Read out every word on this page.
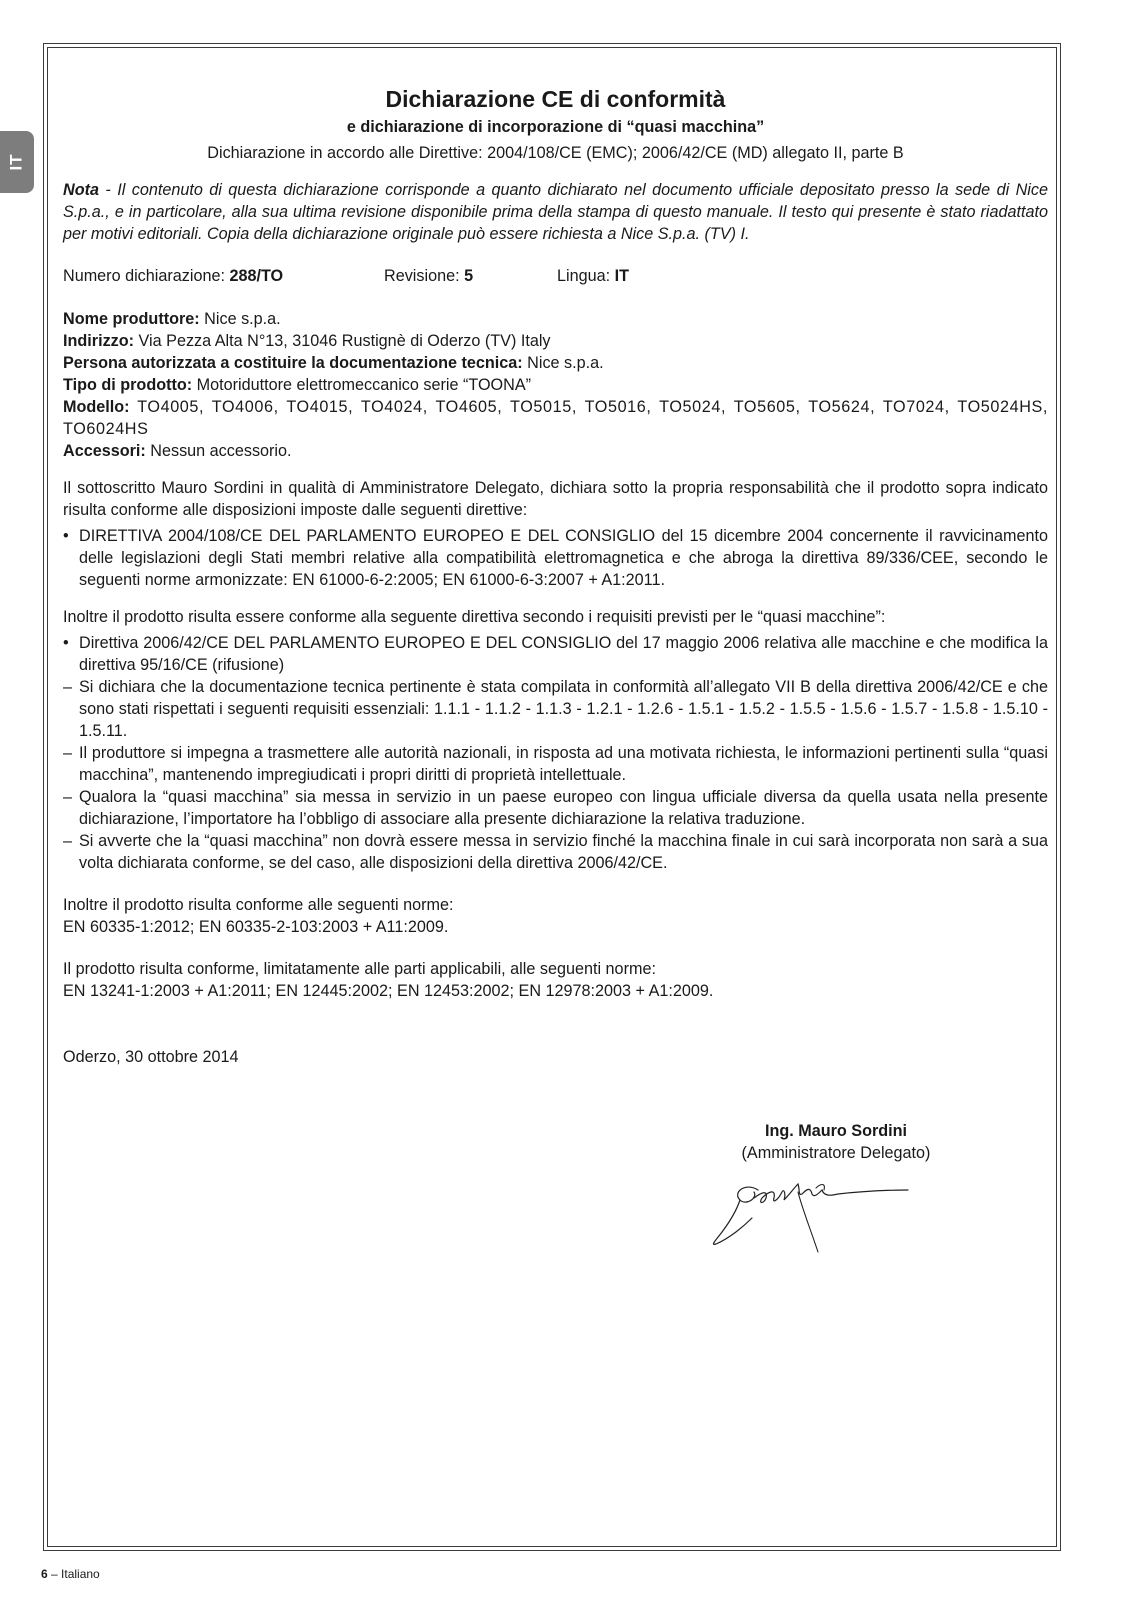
IT
Dichiarazione CE di conformità
e dichiarazione di incorporazione di “quasi macchina”
Dichiarazione in accordo alle Direttive: 2004/108/CE (EMC); 2006/42/CE (MD) allegato II, parte B
Nota - Il contenuto di questa dichiarazione corrisponde a quanto dichiarato nel documento ufficiale depositato presso la sede di Nice S.p.a., e in particolare, alla sua ultima revisione disponibile prima della stampa di questo manuale. Il testo qui presente è stato riadattato per motivi editoriali. Copia della dichiarazione originale può essere richiesta a Nice S.p.a. (TV) I.
Numero dichiarazione: 288/TO	Revisione: 5	Lingua: IT

Nome produttore: Nice s.p.a.

Indirizzo: Via Pezza Alta N°13, 31046 Rustignè di Oderzo (TV) Italy

Persona autorizzata a costituire la documentazione tecnica: Nice s.p.a.

Tipo di prodotto: Motoriduttore elettromeccanico serie “TOONA”

Modello: TO4005, TO4006, TO4015, TO4024, TO4605, TO5015, TO5016, TO5024, TO5605, TO5624, TO7024, TO5024HS, TO6024HS

Accessori: Nessun accessorio.

Il sottoscritto Mauro Sordini in qualità di Amministratore Delegato, dichiara sotto la propria responsabilità che il prodotto sopra indicato risulta conforme alle disposizioni imposte dalle seguenti direttive:

• DIRETTIVA 2004/108/CE DEL PARLAMENTO EUROPEO E DEL CONSIGLIO del 15 dicembre 2004 concernente il ravvicinamento delle legislazioni degli Stati membri relative alla compatibilità elettromagnetica e che abroga la direttiva 89/336/CEE, secondo le seguenti norme armonizzate: EN 61000-6-2:2005; EN 61000-6-3:2007 + A1:2011.

Inoltre il prodotto risulta essere conforme alla seguente direttiva secondo i requisiti previsti per le “quasi macchine”:

• Direttiva 2006/42/CE DEL PARLAMENTO EUROPEO E DEL CONSIGLIO del 17 maggio 2006 relativa alle macchine e che modifica la direttiva 95/16/CE (rifusione)
– Si dichiara che la documentazione tecnica pertinente è stata compilata in conformità all’allegato VII B della direttiva 2006/42/CE e che sono stati rispettati i seguenti requisiti essenziali: 1.1.1 - 1.1.2 - 1.1.3 - 1.2.1 - 1.2.6 - 1.5.1 - 1.5.2 - 1.5.5 - 1.5.6 - 1.5.7 - 1.5.8 - 1.5.10 - 1.5.11.
– Il produttore si impegna a trasmettere alle autorità nazionali, in risposta ad una motivata richiesta, le informazioni pertinenti sulla “quasi macchina”, mantenendo impregiudicati i propri diritti di proprietà intellettuale.
– Qualora la “quasi macchina” sia messa in servizio in un paese europeo con lingua ufficiale diversa da quella usata nella presente dichiarazione, l’importatore ha l’obbligo di associare alla presente dichiarazione la relativa traduzione.
– Si avverte che la “quasi macchina” non dovrà essere messa in servizio finché la macchina finale in cui sarà incorporata non sarà a sua volta dichiarata conforme, se del caso, alle disposizioni della direttiva 2006/42/CE.

Inoltre il prodotto risulta conforme alle seguenti norme:

EN 60335-1:2012; EN 60335-2-103:2003 + A11:2009.

Il prodotto risulta conforme, limitatamente alle parti applicabili, alle seguenti norme:

EN 13241-1:2003 + A1:2011; EN 12445:2002; EN 12453:2002; EN 12978:2003 + A1:2009.

Oderzo, 30 ottobre 2014

Ing. Mauro Sordini
(Amministratore Delegato)
6 – Italiano
